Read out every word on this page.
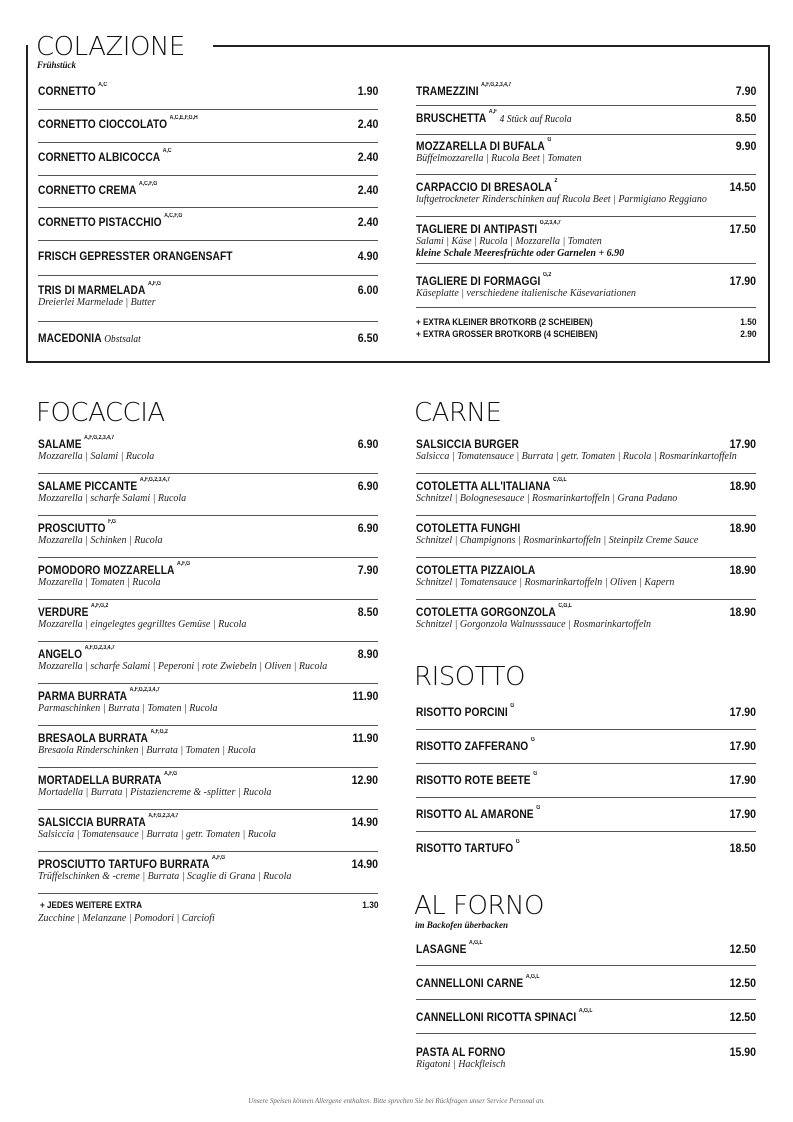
COLAZIONE
Frühstück
CORNETTO $^{A,C}$	1.90
CORNETTO CIOCCOLATO $^{A,C,E,F,G,H}$	2.40
CORNETTO ALBICOCCA $^{A,C}$	2.40
CORNETTO CREMA $^{A,C,F,G}$	2.40
CORNETTO PISTACCHIO $^{A,C,F,G}$	2.40
FRISCH GEPRESSTER ORANGENSAFT	4.90
TRIS DI MARMELADA $^{A,F,G}$	6.00
Dreierlei Marmelade | Butter
MACEDONIA Obstsalat	6.50
TRAMEZZINI $^{A,F,G,2,3,4,7}$	7.90
BRUSCHETTA $^{A,F}$4 Stück auf Rucola	8.50
MOZZARELLA DI BUFALA $^G$	9.90
Büffelmozzarella | Rucola Beet | Tomaten
CARPACCIO DI BRESAOLA $^2$	14.50
luftgetrockneter Rinderschinken auf Rucola Beet | Parmigiano Reggiano
TAGLIERE DI ANTIPASTI $^{G,2,3,4,7}$	17.50
Salami | Käse | Rucola | Mozzarella | Tomaten
kleine Schale Meeresfrüchte oder Garnelen + 6.90
TAGLIERE DI FORMAGGI $^{G,2}$	17.90
Käseplatte | verschiedene italienische Käsevariationen
+ EXTRA KLEINER BROTKORB (2 SCHEIBEN)	1.50
+ EXTRA GROSSER BROTKORB (4 SCHEIBEN)	2.90
FOCACCIA
SALAME $^{A,F,G,2,3,4,7}$	6.90
Mozzarella | Salami | Rucola
SALAME PICCANTE $^{A,F,G,2,3,4,7}$	6.90
Mozzarella | scharfe Salami | Rucola
PROSCIUTTO $^{F,G}$	6.90
Mozzarella | Schinken | Rucola
POMODORO MOZZARELLA $^{A,F,G}$	7.90
Mozzarella | Tomaten | Rucola
VERDURE $^{A,F,G,2}$	8.50
Mozzarella | eingelegtes gegrilltes Gemüse | Rucola
ANGELO $^{A,F,G,2,3,4,7}$	8.90
Mozzarella | scharfe Salami | Peperoni | rote Zwiebeln | Oliven | Rucola
PARMA BURRATA $^{A,F,G,2,3,4,7}$	11.90
Parmaschinken | Burrata | Tomaten | Rucola
BRESAOLA BURRATA $^{A,F,G,2}$	11.90
Bresaola Rinderschinken | Burrata | Tomaten | Rucola
MORTADELLA BURRATA $^{A,F,G}$	12.90
Mortadella | Burrata | Pistaziencreme & -splitter | Rucola
SALSICCIA BURRATA $^{A,F,G,2,3,4,7}$	14.90
Salsiccia | Tomatensauce | Burrata | getr. Tomaten | Rucola
PROSCIUTTO TARTUFO BURRATA $^{A,F,G}$	14.90
Trüffelschinken & -creme | Burrata | Scaglie di Grana | Rucola
+ JEDES WEITERE EXTRA	1.30
Zucchine | Melanzane | Pomodori | Carciofi
CARNE
SALSICCIA BURGER	17.90
Salsicca | Tomatensauce | Burrata | getr. Tomaten | Rucola | Rosmarinkartoffeln
COTOLETTA ALL'ITALIANA $^{C,G,L}$	18.90
Schnitzel | Bolognesesauce | Rosmarinkartoffeln | Grana Padano
COTOLETTA FUNGHI	18.90
Schnitzel | Champignons | Rosmarinkartoffeln | Steinpilz Creme Sauce
COTOLETTA PIZZAIOLA	18.90
Schnitzel | Tomatensauce | Rosmarinkartoffeln | Oliven | Kapern
COTOLETTA GORGONZOLA $^{C,G,L}$	18.90
Schnitzel | Gorgonzola Walnusssauce | Rosmarinkartoffeln
RISOTTO
RISOTTO PORCINI $^G$	17.90
RISOTTO ZAFFERANO $^G$	17.90
RISOTTO ROTE BEETE $^G$	17.90
RISOTTO AL AMARONE $^G$	17.90
RISOTTO TARTUFO $^G$	18.50
AL FORNO
im Backofen überbacken
LASAGNE $^{A,G,L}$	12.50
CANNELLONI CARNE $^{A,G,L}$	12.50
CANNELLONI RICOTTA SPINACI $^{A,G,L}$	12.50
PASTA AL FORNO	15.90
Rigatoni | Hackfleisch
Unsere Speisen können Allergene enthalten. Bitte sprechen Sie bei Rückfragen unser Service Personal an.
